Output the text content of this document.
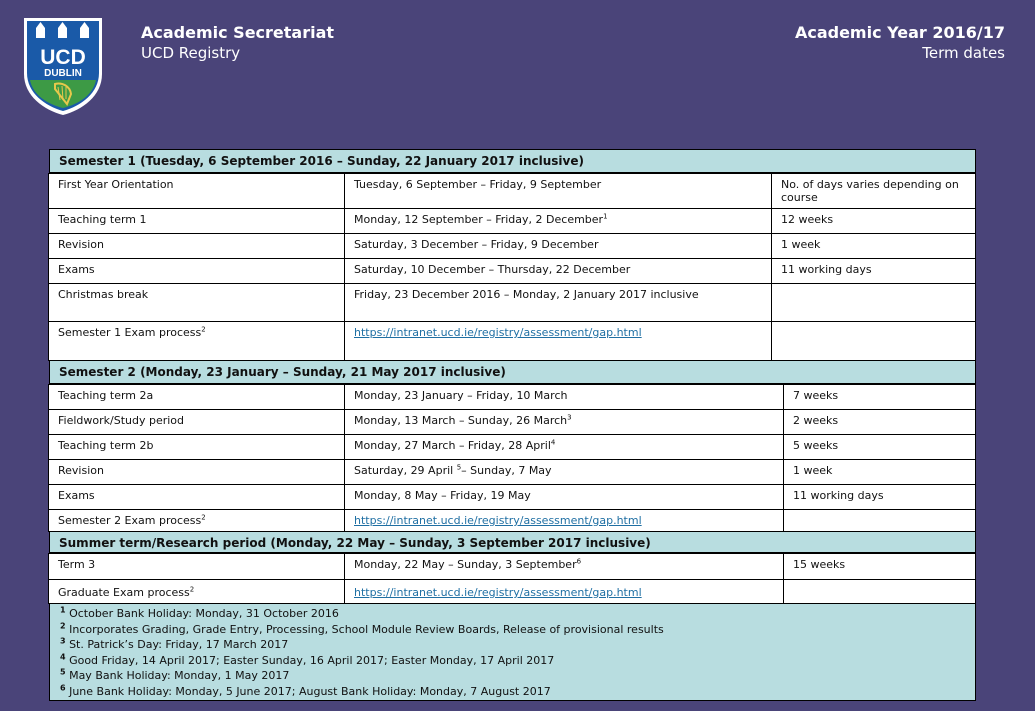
UCD
DUBLIN
Academic Secretariat
UCD Registry
Academic Year 2016/17
Term dates
Semester 1 (Tuesday, 6 September 2016 – Sunday, 22 January 2017 inclusive)
First Year Orientation	Tuesday, 6 September – Friday, 9 September	No. of days varies depending on course
Teaching term 1	Monday, 12 September – Friday, 2 December$^1$	12 weeks
Revision	Saturday, 3 December – Friday, 9 December	1 week
Exams	Saturday, 10 December – Thursday, 22 December	11 working days
Christmas break	Friday, 23 December 2016 – Monday, 2 January 2017 inclusive
Semester 1 Exam process$^2$	https://intranet.ucd.ie/registry/assessment/gap.html
Semester 2 (Monday, 23 January – Sunday, 21 May 2017 inclusive)
Teaching term 2a	Monday, 23 January – Friday, 10 March	7 weeks
Fieldwork/Study period	Monday, 13 March – Sunday, 26 March$^3$	2 weeks
Teaching term 2b	Monday, 27 March – Friday, 28 April$^4$	5 weeks
Revision	Saturday, 29 April $^5$– Sunday, 7 May	1 week
Exams	Monday, 8 May – Friday, 19 May	11 working days
Semester 2 Exam process$^2$	https://intranet.ucd.ie/registry/assessment/gap.html
Summer term/Research period (Monday, 22 May – Sunday, 3 September 2017 inclusive)
Term 3	Monday, 22 May – Sunday, 3 September$^6$	15 weeks
Graduate Exam process$^2$	https://intranet.ucd.ie/registry/assessment/gap.html
$^1$ October Bank Holiday: Monday, 31 October 2016
$^2$ Incorporates Grading, Grade Entry, Processing, School Module Review Boards, Release of provisional results
$^3$ St. Patrick’s Day: Friday, 17 March 2017
$^4$ Good Friday, 14 April 2017; Easter Sunday, 16 April 2017; Easter Monday, 17 April 2017
$^5$ May Bank Holiday: Monday, 1 May 2017
$^6$ June Bank Holiday: Monday, 5 June 2017; August Bank Holiday: Monday, 7 August 2017
